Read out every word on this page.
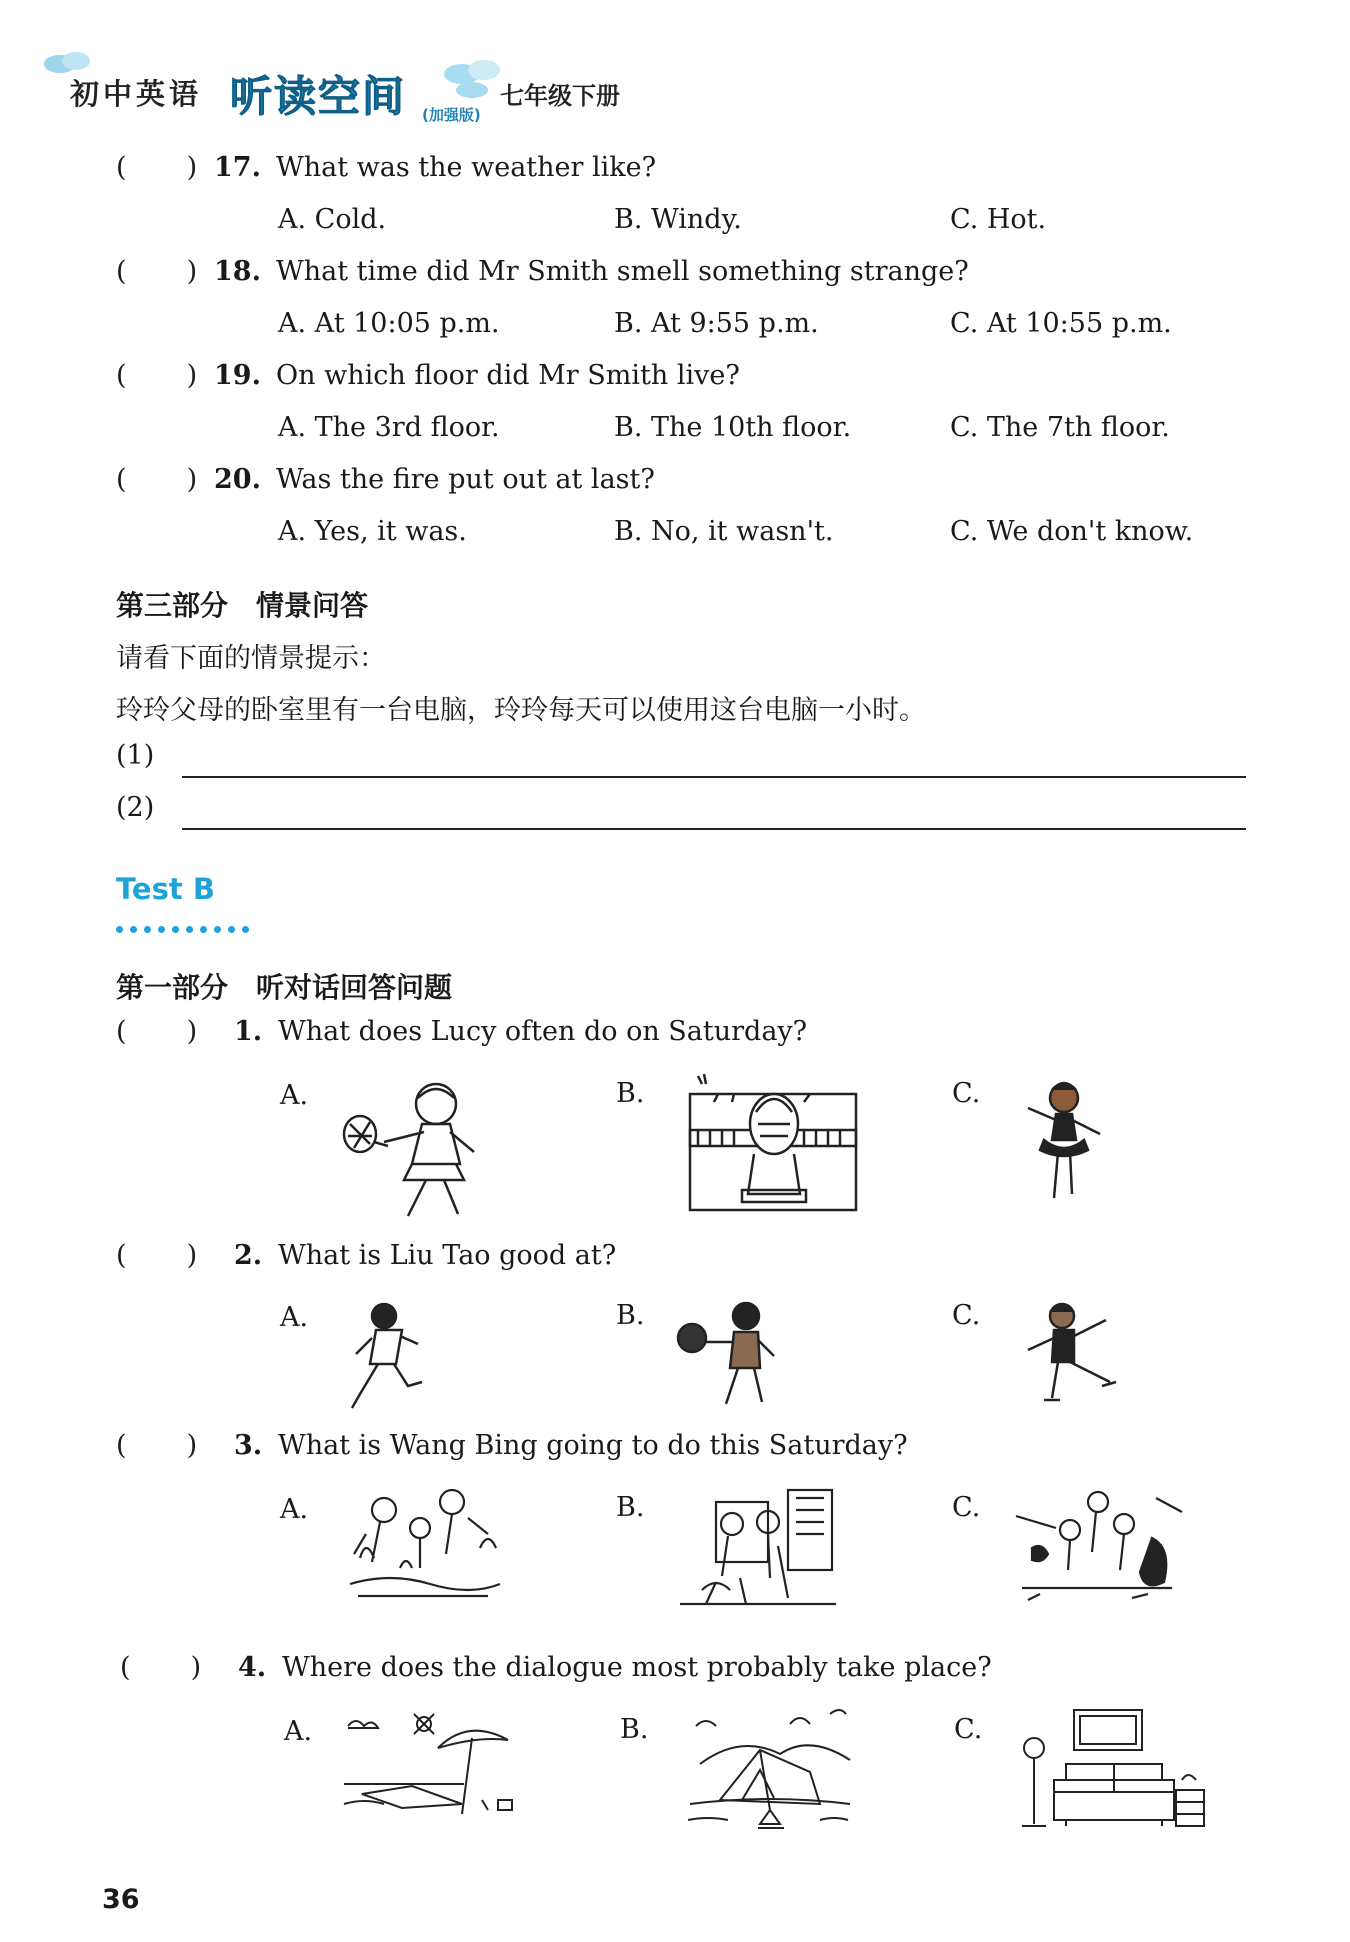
初中英语 听读空间 (加强版)
七年级下册
(       ) 17. What was the weather like?
A. Cold.	B. Windy.	C. Hot.
(       ) 18. What time did Mr Smith smell something strange?
A. At 10:05 p.m.	B. At 9:55 p.m.	C. At 10:55 p.m.
(       ) 19. On which floor did Mr Smith live?
A. The 3rd floor.	B. The 10th floor.	C. The 7th floor.
(       ) 20. Was the fire put out at last?
A. Yes, it was.	B. No, it wasn't.	C. We don't know.
第三部分　情景问答
请看下面的情景提示：
玲玲父母的卧室里有一台电脑，玲玲每天可以使用这台电脑一小时。
(1)
(2)
Test B
第一部分　听对话回答问题
(       ) 1. What does Lucy often do on Saturday?
A.	B.	C.
(       ) 2. What is Liu Tao good at?
A.	B.	C.
(       ) 3. What is Wang Bing going to do this Saturday?
A.	B.	C.
(       ) 4. Where does the dialogue most probably take place?
A.	B.	C.
36
